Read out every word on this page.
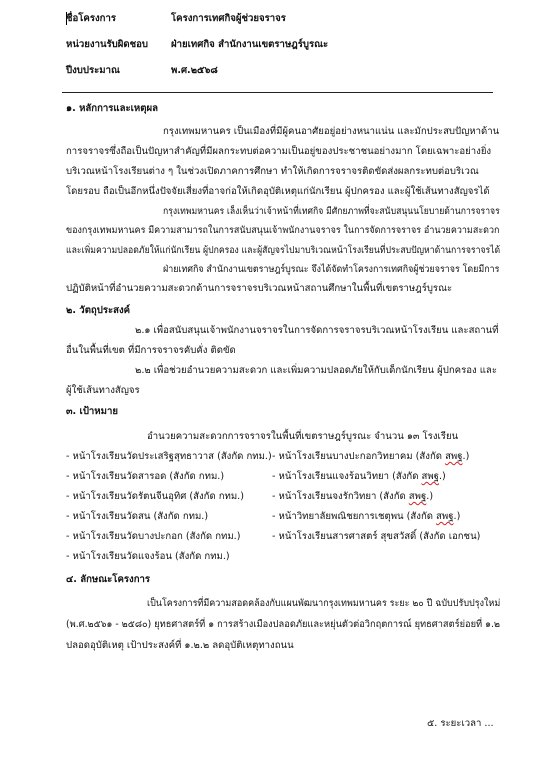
ชื่อโครงการ	โครงการเทศกิจผู้ช่วยจราจร
หน่วยงานรับผิดชอบ ฝ่ายเทศกิจ สำนักงานเขตราษฎร์บูรณะ
ปีงบประมาณ	พ.ศ.๒๕๖๘
๑. หลักการและเหตุผล
กรุงเทพมหานคร เป็นเมืองที่มีผู้คนอาศัยอยู่อย่างหนาแน่น และมักประสบปัญหาด้าน
การจราจรซึ่งถือเป็นปัญหาสำคัญที่มีผลกระทบต่อความเป็นอยู่ของประชาชนอย่างมาก โดยเฉพาะอย่างยิ่ง
บริเวณหน้าโรงเรียนต่าง ๆ ในช่วงเปิดภาคการศึกษา ทำให้เกิดการจราจรติดขัดส่งผลกระทบต่อบริเวณ
โดยรอบ ถือเป็นอีกหนึ่งปัจจัยเสี่ยงที่อาจก่อให้เกิดอุบัติเหตุแก่นักเรียน ผู้ปกครอง และผู้ใช้เส้นทางสัญจรได้
กรุงเทพมหานคร เล็งเห็นว่าเจ้าหน้าที่เทศกิจ มีศักยภาพที่จะสนับสนุนนโยบายด้านการจราจร
ของกรุงเทพมหานคร มีความสามารถในการสนับสนุนเจ้าพนักงานจราจร ในการจัดการจราจร อำนวยความสะดวก
และเพิ่มความปลอดภัยให้แก่นักเรียน ผู้ปกครอง และผู้สัญจรไปมาบริเวณหน้าโรงเรียนที่ประสบปัญหาด้านการจราจรได้
ฝ่ายเทศกิจ สำนักงานเขตราษฎร์บูรณะ จึงได้จัดทำโครงการเทศกิจผู้ช่วยจราจร โดยมีการ
ปฏิบัติหน้าที่อำนวยความสะดวกด้านการจราจรบริเวณหน้าสถานศึกษาในพื้นที่เขตราษฎร์บูรณะ
๒. วัตถุประสงค์
๒.๑ เพื่อสนับสนุนเจ้าพนักงานจราจรในการจัดการจราจรบริเวณหน้าโรงเรียน และสถานที่
อื่นในพื้นที่เขต ที่มีการจราจรคับคั่ง ติดขัด
๒.๒ เพื่อช่วยอำนวยความสะดวก และเพิ่มความปลอดภัยให้กับเด็กนักเรียน ผู้ปกครอง และ
ผู้ใช้เส้นทางสัญจร
๓. เป้าหมาย
อำนวยความสะดวกการจราจรในพื้นที่เขตราษฎร์บูรณะ จำนวน ๑๓ โรงเรียน
- หน้าโรงเรียนวัดประเสริฐสุทธาวาส (สังกัด กทม.)
- หน้าโรงเรียนวัดสารอด (สังกัด กทม.)
- หน้าโรงเรียนวัดรัตนจีนอุทิศ (สังกัด กทม.)
- หน้าโรงเรียนวัดสน (สังกัด กทม.)
- หน้าโรงเรียนวัดบางปะกอก (สังกัด กทม.)
- หน้าโรงเรียนวัดแจงร้อน (สังกัด กทม.)
- หน้าโรงเรียนบางปะกอกวิทยาคม (สังกัด สพฐ.)
- หน้าโรงเรียนแจงร้อนวิทยา (สังกัด สพฐ.)
- หน้าโรงเรียนจงรักวิทยา (สังกัด สพฐ.)
- หน้าวิทยาลัยพณิชยการเชตุพน (สังกัด สพฐ.)
- หน้าโรงเรียนสารศาสตร์ สุขสวัสดิ์ (สังกัด เอกชน)
๔. ลักษณะโครงการ
เป็นโครงการที่มีความสอดคล้องกับแผนพัฒนากรุงเทพมหานคร ระยะ ๒๐ ปี ฉบับปรับปรุงใหม่
(พ.ศ.๒๕๖๑ - ๒๕๘๐) ยุทธศาสตร์ที่ ๑ การสร้างเมืองปลอดภัยและหยุ่นตัวต่อวิกฤตการณ์ ยุทธศาสตร์ย่อยที่ ๑.๒
ปลอดอุบัติเหตุ เป้าประสงค์ที่ ๑.๒.๒ ลดอุบัติเหตุทางถนน
๕. ระยะเวลา ...
